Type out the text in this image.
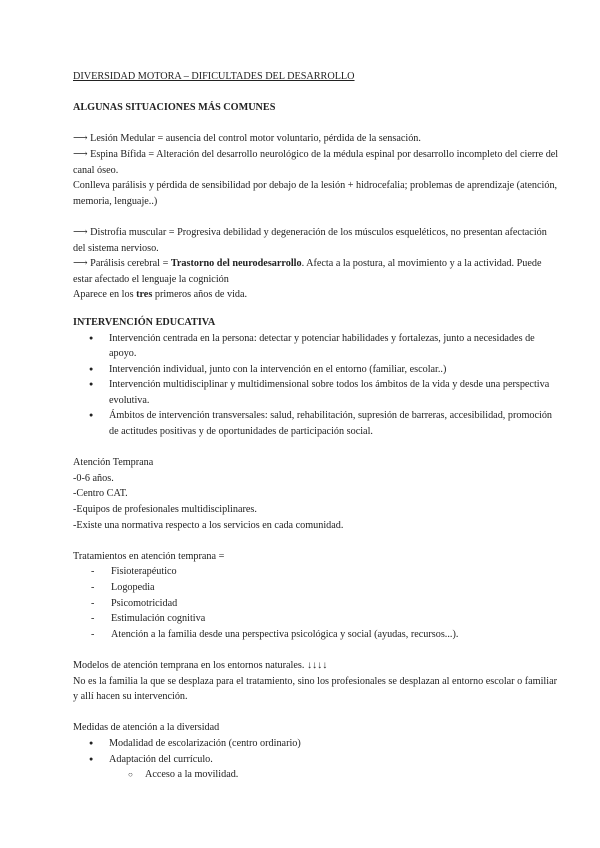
DIVERSIDAD MOTORA – DIFICULTADES DEL DESARROLLO

ALGUNAS SITUACIONES MÁS COMUNES

⟶ Lesión Medular = ausencia del control motor voluntario, pérdida de la sensación.

⟶ Espina Bífida = Alteración del desarrollo neurológico de la médula espinal por desarrollo incompleto del cierre del canal óseo.

Conlleva parálisis y pérdida de sensibilidad por debajo de la lesión + hidrocefalia; problemas de aprendizaje (atención, memoria, lenguaje..)

⟶ Distrofia muscular = Progresiva debilidad y degeneración de los músculos esqueléticos, no presentan afectación del sistema nervioso.

⟶ Parálisis cerebral = Trastorno del neurodesarrollo. Afecta a la postura, al movimiento y a la actividad. Puede estar afectado el lenguaje la cognición

Aparece en los tres primeros años de vida.

INTERVENCIÓN EDUCATIVA

● Intervención centrada en la persona: detectar y potenciar habilidades y fortalezas, junto a necesidades de apoyo.
● Intervención individual, junto con la intervención en el entorno (familiar, escolar..)
● Intervención multidisciplinar y multidimensional sobre todos los ámbitos de la vida y desde una perspectiva evolutiva.
● Ámbitos de intervención transversales: salud, rehabilitación, supresión de barreras, accesibilidad, promoción de actitudes positivas y de oportunidades de participación social.

Atención Temprana

-0-6 años.

-Centro CAT.

-Equipos de profesionales multidisciplinares.

-Existe una normativa respecto a los servicios en cada comunidad.

Tratamientos en atención temprana =

- Fisioterapéutico
- Logopedia
- Psicomotricidad
- Estimulación cognitiva
- Atención a la familia desde una perspectiva psicológica y social (ayudas, recursos...).

Modelos de atención temprana en los entornos naturales. ↓↓↓↓

No es la familia la que se desplaza para el tratamiento, sino los profesionales se desplazan al entorno escolar o familiar y allí hacen su intervención.

Medidas de atención a la diversidad

● Modalidad de escolarización (centro ordinario)
● Adaptación del currículo.
○ Acceso a la movilidad.
